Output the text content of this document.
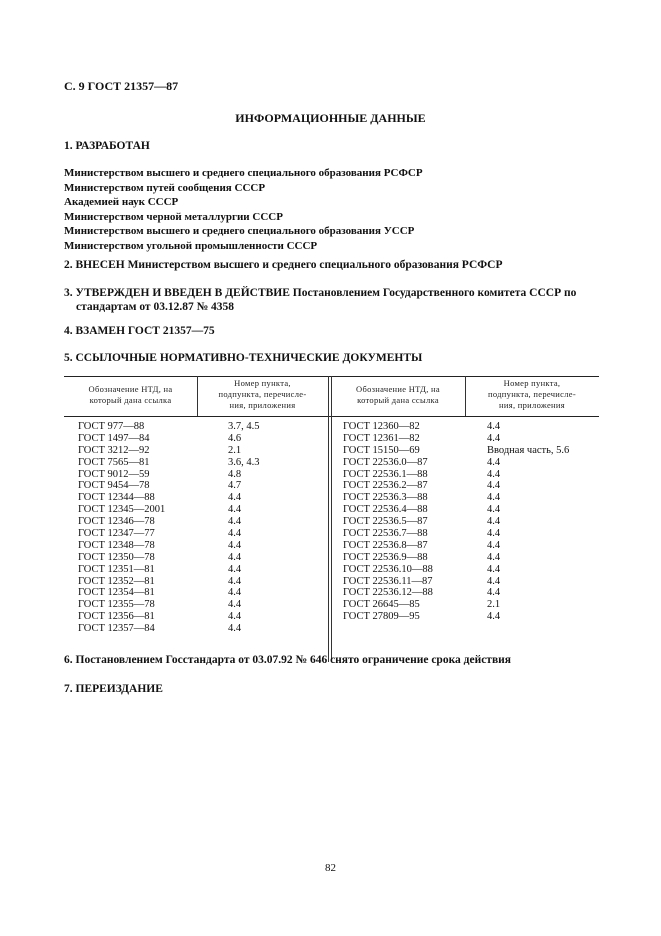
С. 9 ГОСТ 21357—87
ИНФОРМАЦИОННЫЕ ДАННЫЕ
1. РАЗРАБОТАН
Министерством высшего и среднего специального образования РСФСР
Министерством путей сообщения СССР
Академией наук СССР
Министерством черной металлургии СССР
Министерством высшего и среднего специального образования УССР
Министерством угольной промышленности СССР
2. ВНЕСЕН Министерством высшего и среднего специального образования РСФСР
3. УТВЕРЖДЕН И ВВЕДЕН В ДЕЙСТВИЕ Постановлением Государственного комитета СССР по
стандартам от 03.12.87 № 4358
4. ВЗАМЕН ГОСТ 21357—75
5. ССЫЛОЧНЫЕ НОРМАТИВНО-ТЕХНИЧЕСКИЕ ДОКУМЕНТЫ
Обозначение НТД, на
который дана ссылка
Номер пункта,
подпункта, перечисле-
ния, приложения
Обозначение НТД, на
который дана ссылка
Номер пункта,
подпункта, перечисле-
ния, приложения
ГОСТ 977—88
ГОСТ 1497—84
ГОСТ 3212—92
ГОСТ 7565—81
ГОСТ 9012—59
ГОСТ 9454—78
ГОСТ 12344—88
ГОСТ 12345—2001
ГОСТ 12346—78
ГОСТ 12347—77
ГОСТ 12348—78
ГОСТ 12350—78
ГОСТ 12351—81
ГОСТ 12352—81
ГОСТ 12354—81
ГОСТ 12355—78
ГОСТ 12356—81
ГОСТ 12357—84
3.7, 4.5
4.6
2.1
3.6, 4.3
4.8
4.7
4.4
4.4
4.4
4.4
4.4
4.4
4.4
4.4
4.4
4.4
4.4
4.4
ГОСТ 12360—82
ГОСТ 12361—82
ГОСТ 15150—69
ГОСТ 22536.0—87
ГОСТ 22536.1—88
ГОСТ 22536.2—87
ГОСТ 22536.3—88
ГОСТ 22536.4—88
ГОСТ 22536.5—87
ГОСТ 22536.7—88
ГОСТ 22536.8—87
ГОСТ 22536.9—88
ГОСТ 22536.10—88
ГОСТ 22536.11—87
ГОСТ 22536.12—88
ГОСТ 26645—85
ГОСТ 27809—95
4.4
4.4
Вводная часть, 5.6
4.4
4.4
4.4
4.4
4.4
4.4
4.4
4.4
4.4
4.4
4.4
4.4
2.1
4.4
6. Постановлением Госстандарта от 03.07.92 № 646 снято ограничение срока действия
7. ПЕРЕИЗДАНИЕ
82
